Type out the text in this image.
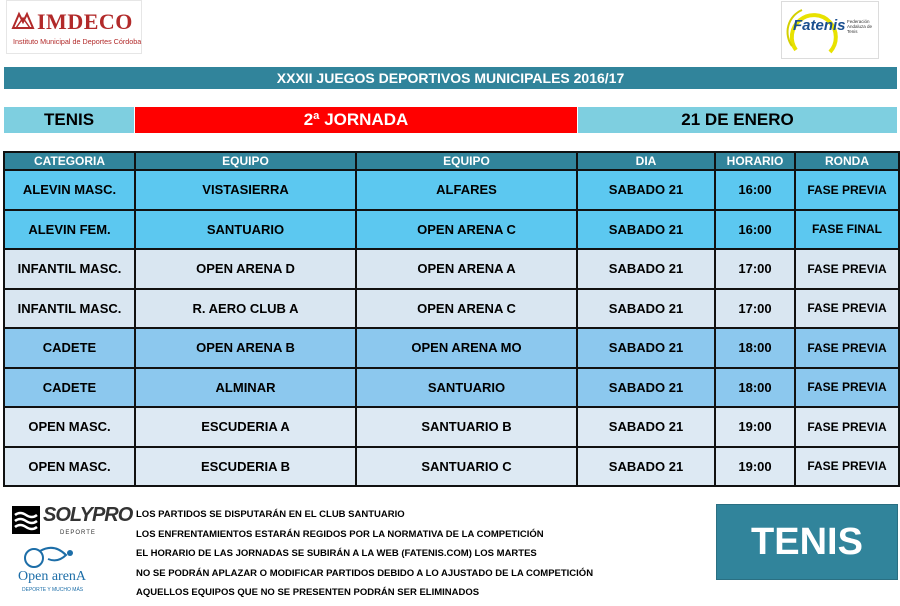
IMDECO
Instituto Municipal de Deportes Córdoba
Fatenis Federación Andaluza de Tenis
XXXII JUEGOS DEPORTIVOS MUNICIPALES 2016/17
TENIS	2ª JORNADA	21 DE ENERO
CATEGORIA	EQUIPO	EQUIPO	DIA	HORARIO	RONDA
ALEVIN MASC.	VISTASIERRA	ALFARES	SABADO 21	16:00	FASE PREVIA
ALEVIN FEM.	SANTUARIO	OPEN ARENA C	SABADO 21	16:00	FASE FINAL
INFANTIL MASC.	OPEN ARENA D	OPEN ARENA A	SABADO 21	17:00	FASE PREVIA
INFANTIL MASC.	R. AERO CLUB A	OPEN ARENA C	SABADO 21	17:00	FASE PREVIA
CADETE	OPEN ARENA B	OPEN ARENA MO	SABADO 21	18:00	FASE PREVIA
CADETE	ALMINAR	SANTUARIO	SABADO 21	18:00	FASE PREVIA
OPEN MASC.	ESCUDERIA A	SANTUARIO B	SABADO 21	19:00	FASE PREVIA
OPEN MASC.	ESCUDERIA B	SANTUARIO C	SABADO 21	19:00	FASE PREVIA
SOLYPRO
DEPORTE
Open arenA
DEPORTE Y MUCHO MÁS
LOS PARTIDOS SE DISPUTARÁN EN EL CLUB SANTUARIO
LOS ENFRENTAMIENTOS ESTARÁN REGIDOS POR LA NORMATIVA DE LA COMPETICIÓN
EL HORARIO DE LAS JORNADAS SE SUBIRÁN A LA WEB (FATENIS.COM) LOS MARTES
NO SE PODRÁN APLAZAR O MODIFICAR PARTIDOS DEBIDO A LO AJUSTADO DE LA COMPETICIÓN
AQUELLOS EQUIPOS QUE NO SE PRESENTEN PODRÁN SER ELIMINADOS
TENIS
